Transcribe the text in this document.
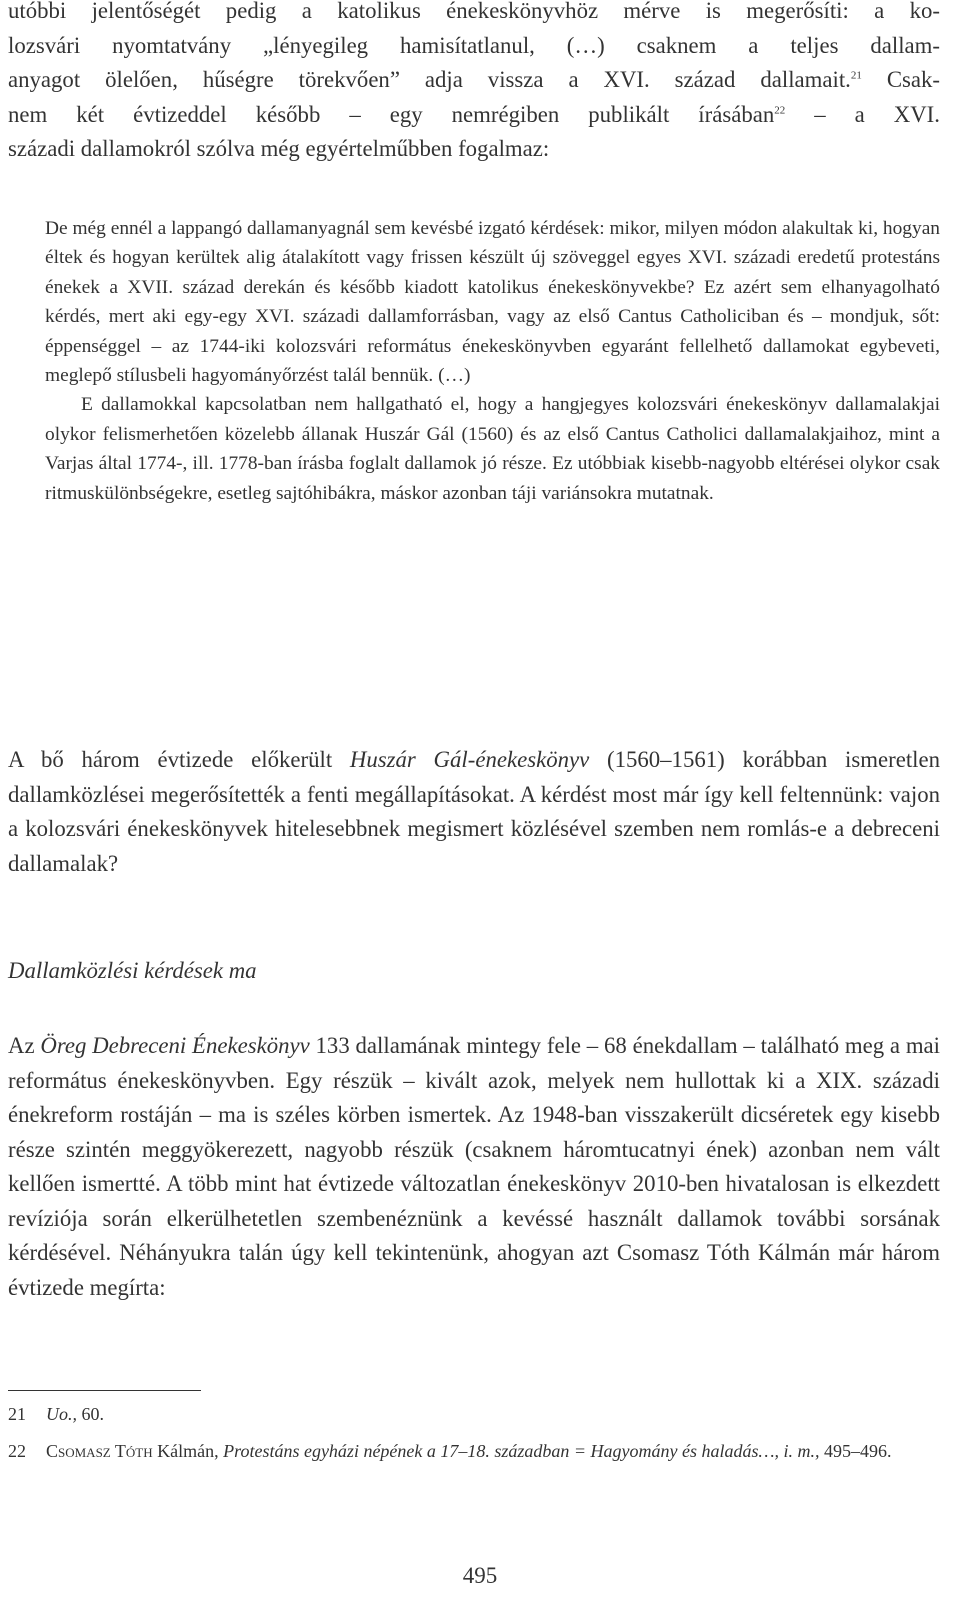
utóbbi jelentőségét pedig a katolikus énekeskönyvhöz mérve is megerősíti: a ko-
lozsvári nyomtatvány „lényegileg hamisítatlanul, (…) csaknem a teljes dallam-
anyagot ölelően, hűségre törekvően” adja vissza a XVI. század dallamait.$^{21}$ Csak-
nem két évtizeddel később – egy nemrégiben publikált írásában$^{22}$ – a XVI.
századi dallamokról szólva még egyértelműbben fogalmaz:

De még ennél a lappangó dallamanyagnál sem kevésbé izgató kérdések: mikor, milyen módon alakultak ki, hogyan éltek és hogyan kerültek alig átalakított vagy frissen készült új szöveggel egyes XVI. századi eredetű protestáns énekek a XVII. század derekán és később kiadott katolikus énekeskönyvekbe? Ez azért sem elhanyagolható kérdés, mert aki egy-egy XVI. századi dallamforrásban, vagy az első Cantus Catholiciban és – mondjuk, sőt: éppenséggel – az 1744-iki kolozsvári református énekeskönyvben egyaránt fellelhető dallamokat egybeveti, meglepő stílusbeli hagyományőrzést talál bennük. (…)

E dallamokkal kapcsolatban nem hallgatható el, hogy a hangjegyes kolozsvári énekeskönyv dallamalakjai olykor felismerhetően közelebb állanak Huszár Gál (1560) és az első Cantus Catholici dallamalakjaihoz, mint a Varjas által 1774-, ill. 1778-ban írásba foglalt dallamok jó része. Ez utóbbiak kisebb-nagyobb eltérései olykor csak ritmuskülönbségekre, esetleg sajtóhibákra, máskor azonban táji variánsokra mutatnak.

A bő három évtizede előkerült Huszár Gál-énekeskönyv (1560–1561) korábban ismeretlen dallamközlései megerősítették a fenti megállapításokat. A kérdést most már így kell feltennünk: vajon a kolozsvári énekeskönyvek hitelesebbnek megismert közlésével szemben nem romlás-e a debreceni dallamalak?

Dallamközlési kérdések ma

Az Öreg Debreceni Énekeskönyv 133 dallamának mintegy fele – 68 énekdallam – található meg a mai református énekeskönyvben. Egy részük – kivált azok, melyek nem hullottak ki a XIX. századi énekreform rostáján – ma is széles körben ismertek. Az 1948-ban visszakerült dicséretek egy kisebb része szintén meggyökerezett, nagyobb részük (csaknem háromtucatnyi ének) azonban nem vált kellően ismertté. A több mint hat évtizede változatlan énekeskönyv 2010-ben hivatalosan is elkezdett revíziója során elkerülhetetlen szembenéznünk a kevéssé használt dallamok további sorsának kérdésével. Néhányukra talán úgy kell tekintenünk, ahogyan azt Csomasz Tóth Kálmán már három évtizede megírta:

21 Uo., 60.
22 Csomasz Tóth Kálmán, Protestáns egyházi népének a 17–18. században = Hagyomány és haladás…, i. m., 495–496.
495
